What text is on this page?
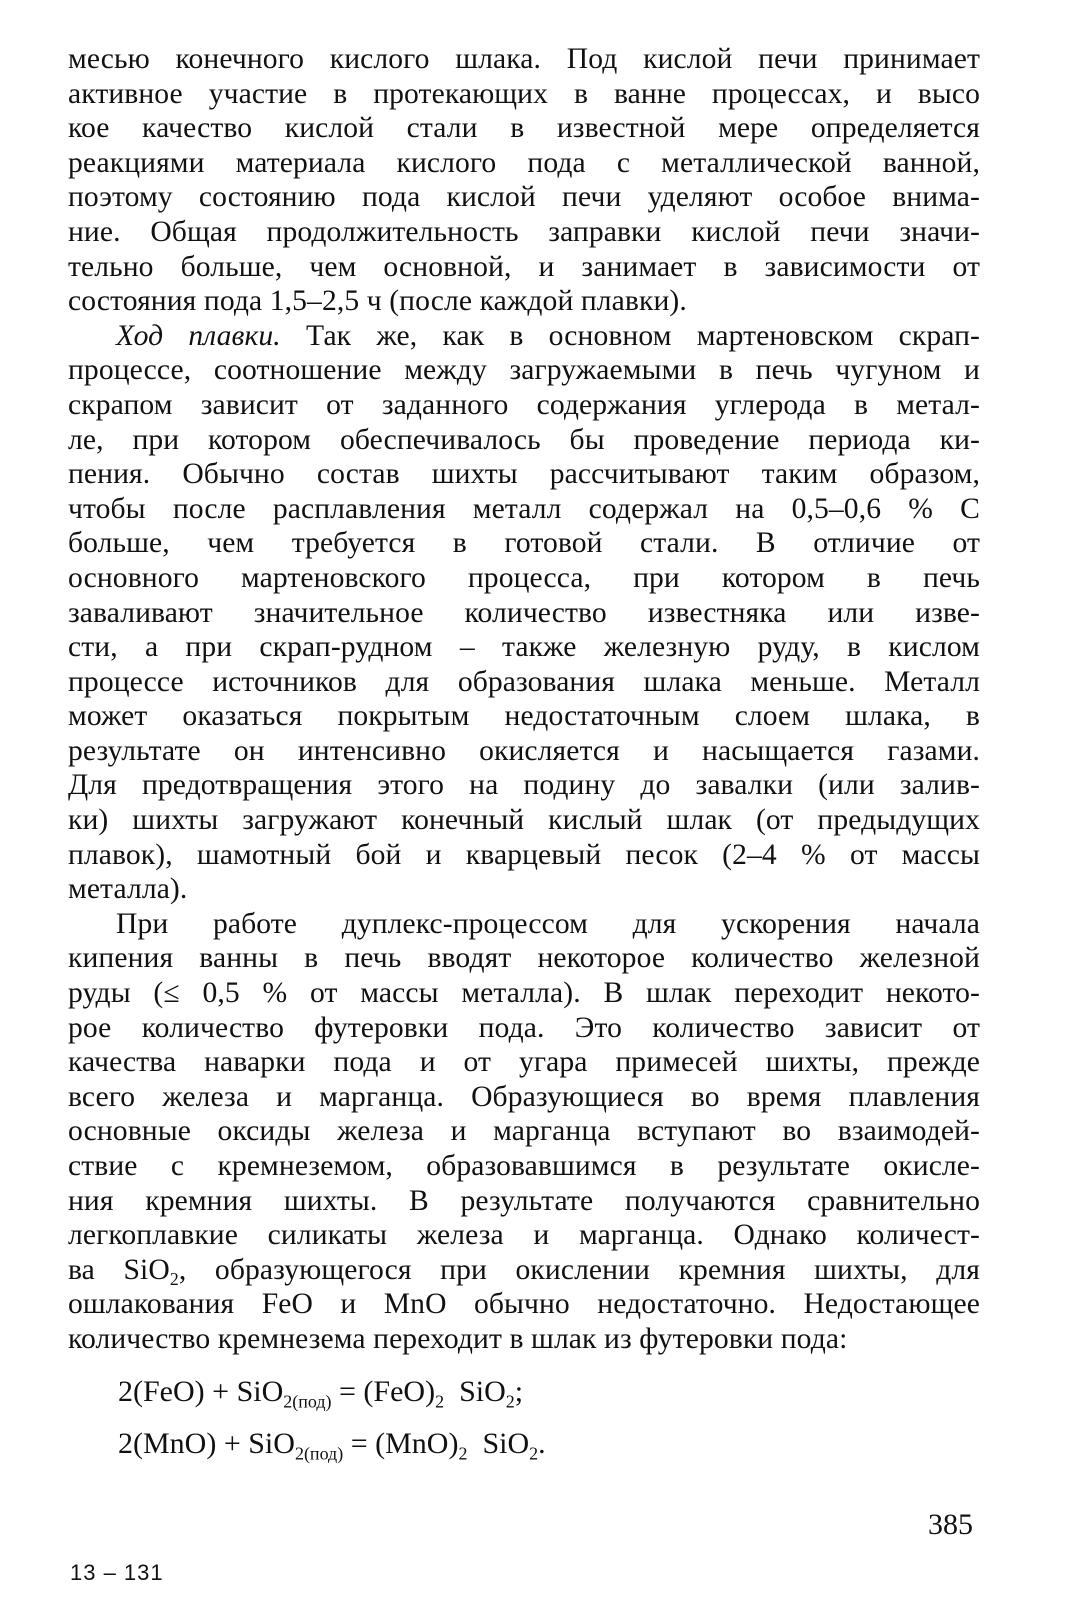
месью конечного кислого шлака. Под кислой печи принимает
активное участие в протекающих в ванне процессах, и высо
кое качество кислой стали в известной мере определяется
реакциями материала кислого пода с металлической ванной,
поэтому состоянию пода кислой печи уделяют особое внима-
ние. Общая продолжительность заправки кислой печи значи-
тельно больше, чем основной, и занимает в зависимости от
состояния пода 1,5–2,5 ч (после каждой плавки).

Ход плавки. Так же, как в основном мартеновском скрап-
процессе, соотношение между загружаемыми в печь чугуном и
скрапом зависит от заданного содержания углерода в метал-
ле, при котором обеспечивалось бы проведение периода ки-
пения. Обычно состав шихты рассчитывают таким образом,
чтобы после расплавления металл содержал на 0,5–0,6 % С
больше, чем требуется в готовой стали. В отличие от
основного мартеновского процесса, при котором в печь
заваливают значительное количество известняка или изве-
сти, а при скрап-рудном – также железную руду, в кислом
процессе источников для образования шлака меньше. Металл
может оказаться покрытым недостаточным слоем шлака, в
результате он интенсивно окисляется и насыщается газами.
Для предотвращения этого на подину до завалки (или залив-
ки) шихты загружают конечный кислый шлак (от предыдущих
плавок), шамотный бой и кварцевый песок (2–4 % от массы
металла).

При работе дуплекс-процессом для ускорения начала
кипения ванны в печь вводят некоторое количество железной
руды (≤ 0,5 % от массы металла). В шлак переходит некото-
рое количество футеровки пода. Это количество зависит от
качества наварки пода и от угара примесей шихты, прежде
всего железа и марганца. Образующиеся во время плавления
основные оксиды железа и марганца вступают во взаимодей-
ствие с кремнеземом, образовавшимся в результате окисле-
ния кремния шихты. В результате получаются сравнительно
легкоплавкие силикаты железа и марганца. Однако количест-
ва SiO$_2$, образующегося при окислении кремния шихты, для
ошлакования FeO и MnO обычно недостаточно. Недостающее
количество кремнезема переходит в шлак из футеровки пода:

$2(FeO) + SiO_{2(под)} = (FeO)_2$  SiO$_2$;
$2(MnO) + SiO_{2(под)} = (MnO)_2$  SiO$_2$.
385
13 – 131
